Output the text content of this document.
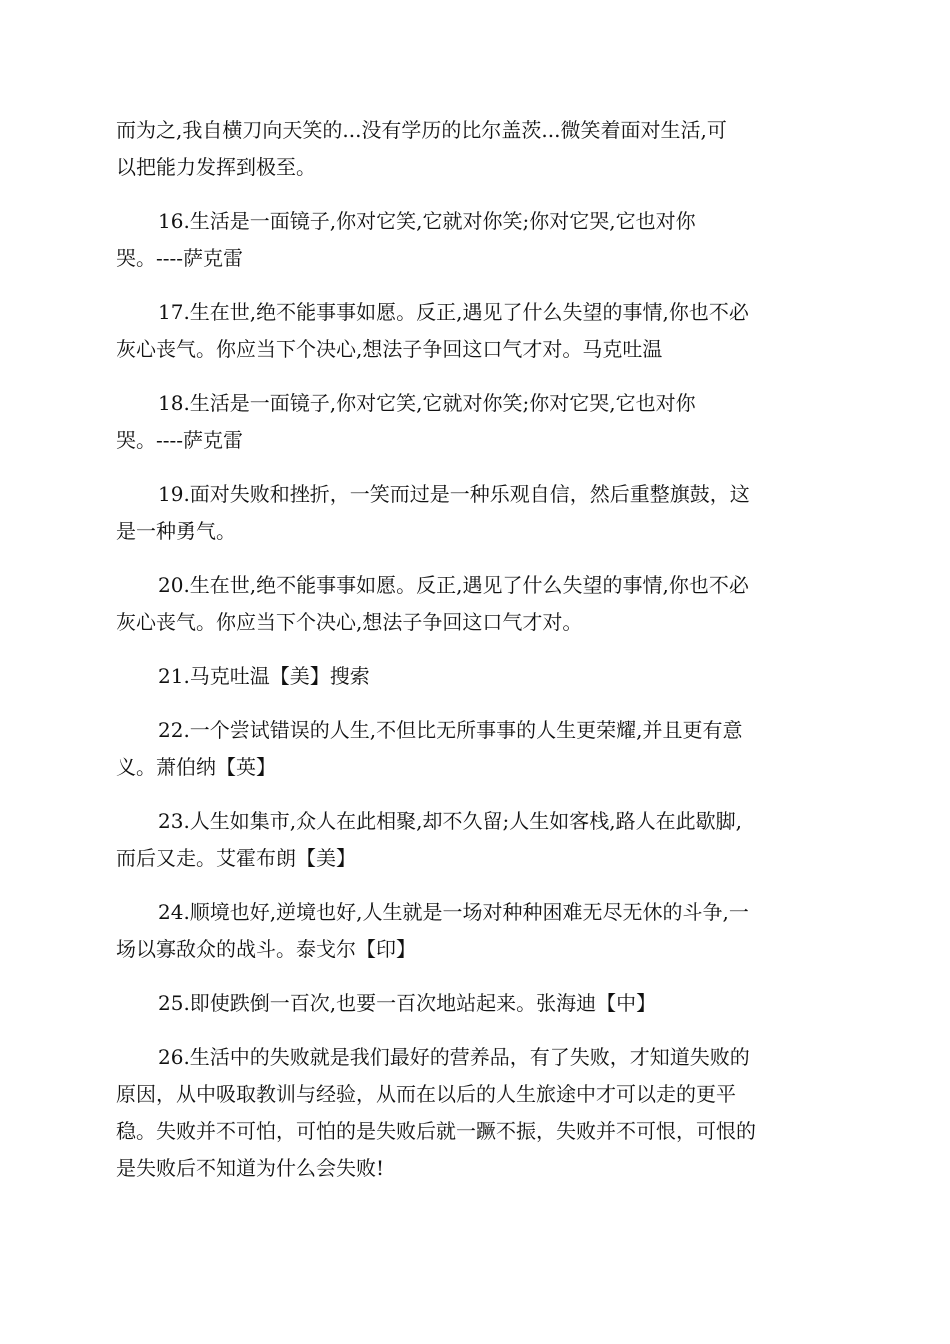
而为之,我自横刀向天笑的...没有学历的比尔盖茨...微笑着面对生活,可
以把能力发挥到极至。

16.生活是一面镜子,你对它笑,它就对你笑;你对它哭,它也对你
哭。----萨克雷

17.生在世,绝不能事事如愿。反正,遇见了什么失望的事情,你也不必
灰心丧气。你应当下个决心,想法子争回这口气才对。马克吐温

18.生活是一面镜子,你对它笑,它就对你笑;你对它哭,它也对你
哭。----萨克雷

19.面对失败和挫折，一笑而过是一种乐观自信，然后重整旗鼓，这
是一种勇气。

20.生在世,绝不能事事如愿。反正,遇见了什么失望的事情,你也不必
灰心丧气。你应当下个决心,想法子争回这口气才对。

21.马克吐温【美】搜索

22.一个尝试错误的人生,不但比无所事事的人生更荣耀,并且更有意
义。萧伯纳【英】

23.人生如集市,众人在此相聚,却不久留;人生如客栈,路人在此歇脚,
而后又走。艾霍布朗【美】

24.顺境也好,逆境也好,人生就是一场对种种困难无尽无休的斗争,一
场以寡敌众的战斗。泰戈尔【印】

25.即使跌倒一百次,也要一百次地站起来。张海迪【中】

26.生活中的失败就是我们最好的营养品，有了失败，才知道失败的
原因，从中吸取教训与经验，从而在以后的人生旅途中才可以走的更平
稳。失败并不可怕，可怕的是失败后就一蹶不振，失败并不可恨，可恨的
是失败后不知道为什么会失败!
